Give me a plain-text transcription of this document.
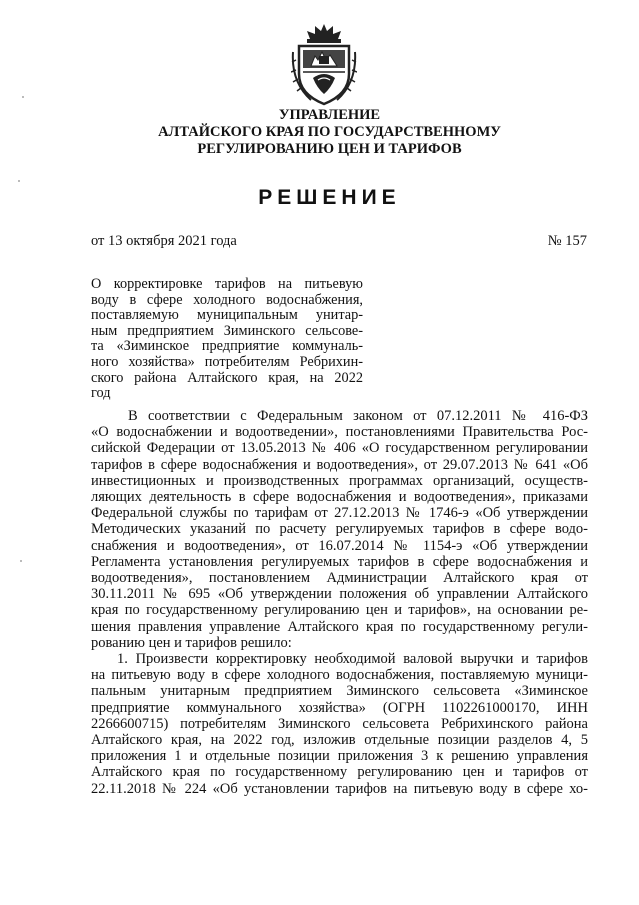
УПРАВЛЕНИЕ
АЛТАЙСКОГО КРАЯ ПО ГОСУДАРСТВЕННОМУ
РЕГУЛИРОВАНИЮ ЦЕН И ТАРИФОВ
РЕШЕНИЕ
от 13 октября 2021 года	№ 157
О корректировке тарифов на питьевую
воду в сфере холодного водоснабжения,
поставляемую муниципальным унитар-
ным предприятием Зиминского сельсове-
та «Зиминское предприятие коммуналь-
ного хозяйства» потребителям Ребрихин-
ского района Алтайского края, на 2022
год
В соответствии с Федеральным законом от 07.12.2011 № 416-ФЗ
«О водоснабжении и водоотведении», постановлениями Правительства Рос-
сийской Федерации от 13.05.2013 № 406 «О государственном регулировании
тарифов в сфере водоснабжения и водоотведения», от 29.07.2013 № 641 «Об
инвестиционных и производственных программах организаций, осуществ-
ляющих деятельность в сфере водоснабжения и водоотведения», приказами
Федеральной службы по тарифам от 27.12.2013 № 1746-э «Об утверждении
Методических указаний по расчету регулируемых тарифов в сфере водо-
снабжения и водоотведения», от 16.07.2014 № 1154-э «Об утверждении
Регламента установления регулируемых тарифов в сфере водоснабжения и
водоотведения», постановлением Администрации Алтайского края от
30.11.2011 № 695 «Об утверждении положения об управлении Алтайского
края по государственному регулированию цен и тарифов», на основании ре-
шения правления управление Алтайского края по государственному регули-
рованию цен и тарифов решило:
1. Произвести корректировку необходимой валовой выручки и тарифов
на питьевую воду в сфере холодного водоснабжения, поставляемую муници-
пальным унитарным предприятием Зиминского сельсовета «Зиминское
предприятие коммунального хозяйства» (ОГРН 1102261000170, ИНН
2266600715) потребителям Зиминского сельсовета Ребрихинского района
Алтайского края, на 2022 год, изложив отдельные позиции разделов 4, 5
приложения 1 и отдельные позиции приложения 3 к решению управления
Алтайского края по государственному регулированию цен и тарифов от
22.11.2018 № 224 «Об установлении тарифов на питьевую воду в сфере хо-
